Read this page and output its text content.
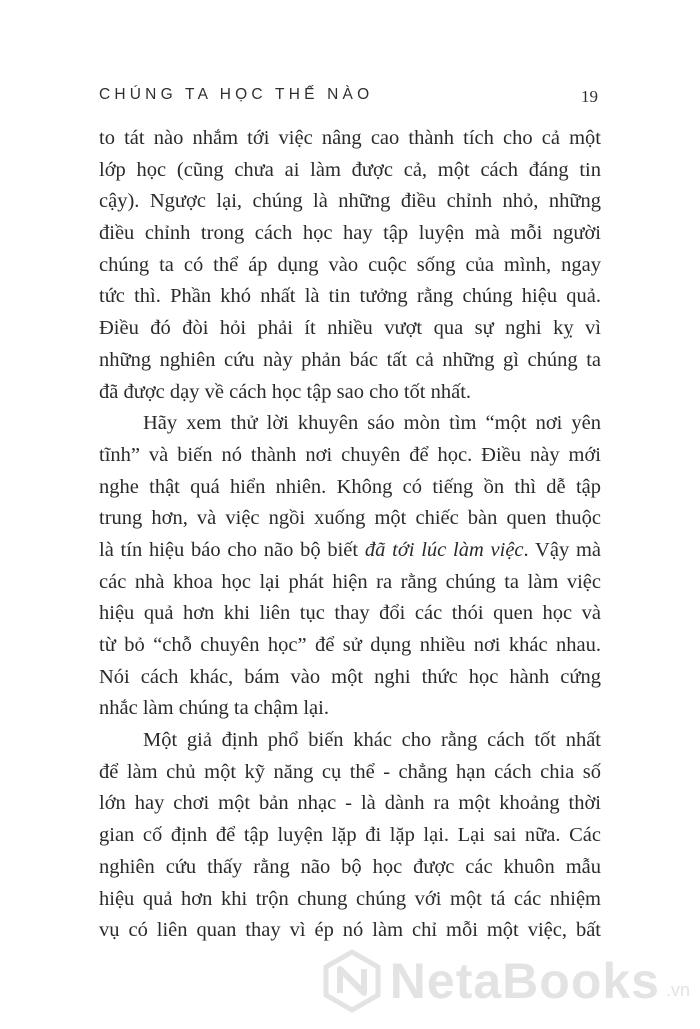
CHÚNG TA HỌC THẾ NÀO	19
to tát nào nhắm tới việc nâng cao thành tích cho cả một
lớp học (cũng chưa ai làm được cả, một cách đáng tin
cậy). Ngược lại, chúng là những điều chỉnh nhỏ, những
điều chỉnh trong cách học hay tập luyện mà mỗi người
chúng ta có thể áp dụng vào cuộc sống của mình, ngay
tức thì. Phần khó nhất là tin tưởng rằng chúng hiệu quả.
Điều đó đòi hỏi phải ít nhiều vượt qua sự nghi kỵ vì
những nghiên cứu này phản bác tất cả những gì chúng ta
đã được dạy về cách học tập sao cho tốt nhất.
Hãy xem thử lời khuyên sáo mòn tìm “một nơi yên
tĩnh” và biến nó thành nơi chuyên để học. Điều này mới
nghe thật quá hiển nhiên. Không có tiếng ồn thì dễ tập
trung hơn, và việc ngồi xuống một chiếc bàn quen thuộc
là tín hiệu báo cho não bộ biết đã tới lúc làm việc. Vậy mà
các nhà khoa học lại phát hiện ra rằng chúng ta làm việc
hiệu quả hơn khi liên tục thay đổi các thói quen học và
từ bỏ “chỗ chuyên học” để sử dụng nhiều nơi khác nhau.
Nói cách khác, bám vào một nghi thức học hành cứng
nhắc làm chúng ta chậm lại.
Một giả định phổ biến khác cho rằng cách tốt nhất
để làm chủ một kỹ năng cụ thể - chẳng hạn cách chia số
lớn hay chơi một bản nhạc - là dành ra một khoảng thời
gian cố định để tập luyện lặp đi lặp lại. Lại sai nữa. Các
nghiên cứu thấy rằng não bộ học được các khuôn mẫu
hiệu quả hơn khi trộn chung chúng với một tá các nhiệm
vụ có liên quan thay vì ép nó làm chỉ mỗi một việc, bất
NetaBooks .vn
